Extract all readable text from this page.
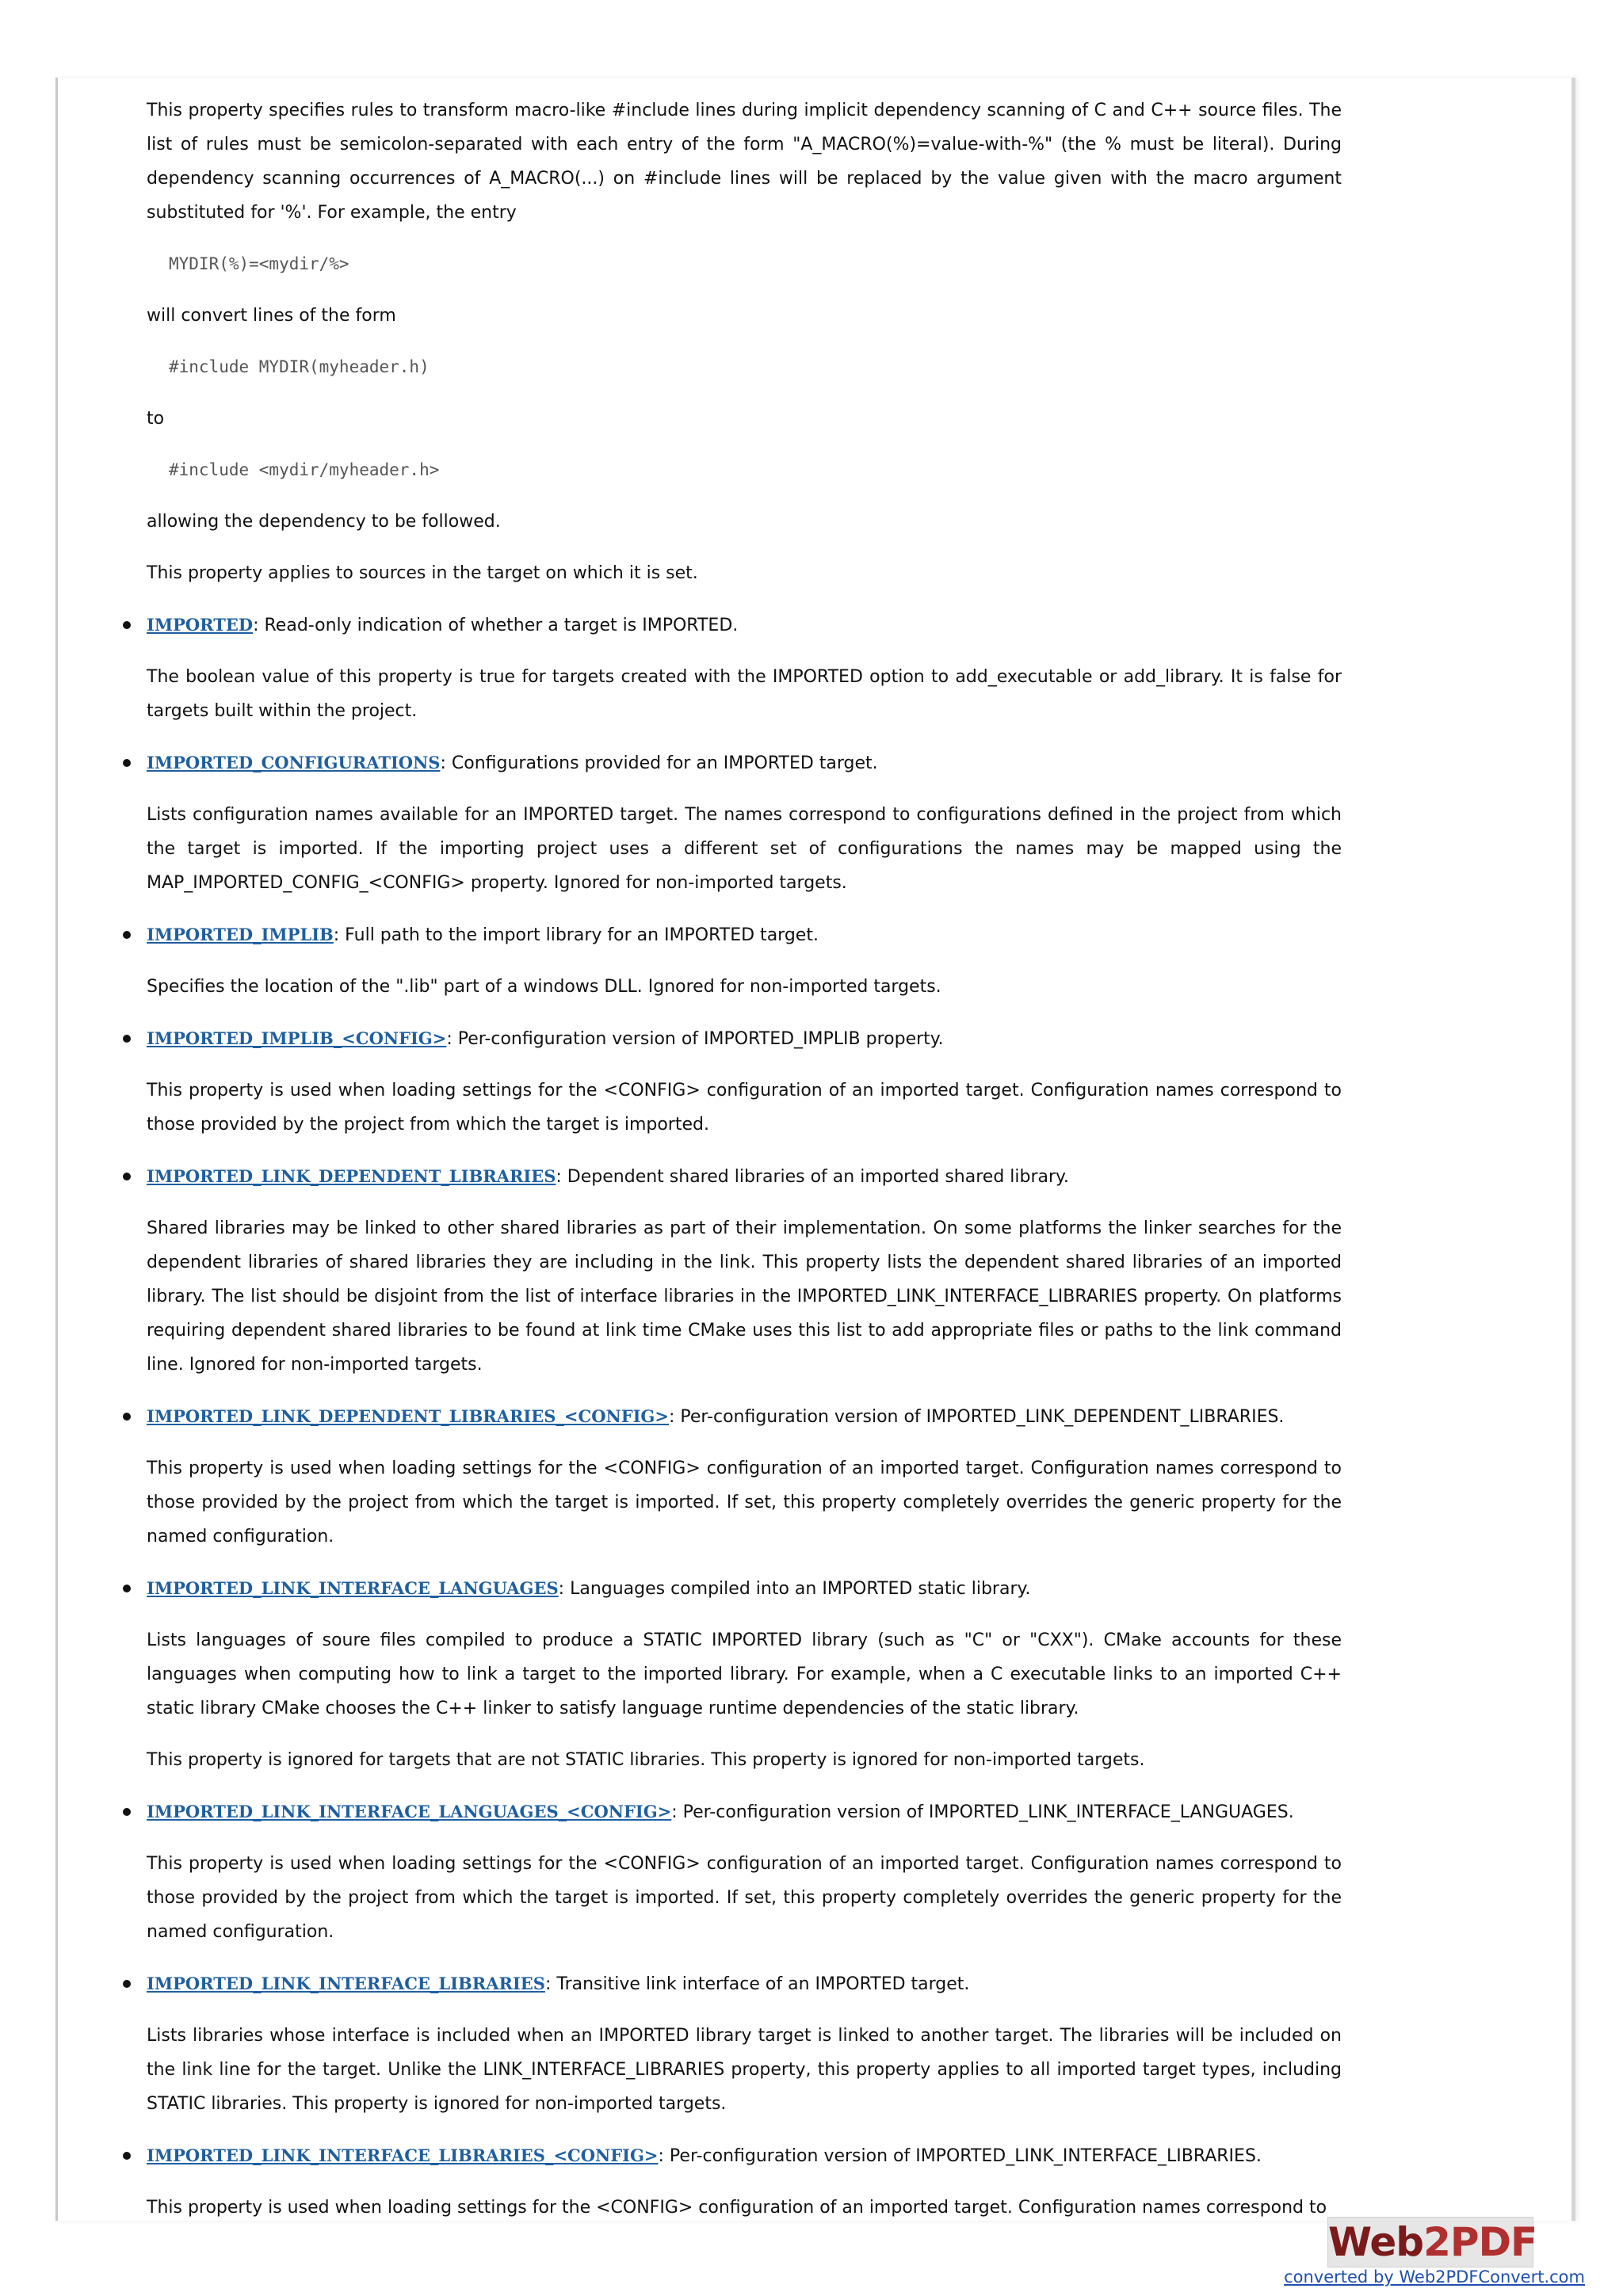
This property specifies rules to transform macro-like #include lines during implicit dependency scanning of C and C++ source files. The list of rules must be semicolon-separated with each entry of the form "A_MACRO(%)=value-with-%" (the % must be literal). During dependency scanning occurrences of A_MACRO(...) on #include lines will be replaced by the value given with the macro argument substituted for '%'. For example, the entry

MYDIR(%)=<mydir/%>

will convert lines of the form

#include MYDIR(myheader.h)

to

#include <mydir/myheader.h>

allowing the dependency to be followed.

This property applies to sources in the target on which it is set.

IMPORTED: Read-only indication of whether a target is IMPORTED.

The boolean value of this property is true for targets created with the IMPORTED option to add_executable or add_library. It is false for targets built within the project.

IMPORTED_CONFIGURATIONS: Configurations provided for an IMPORTED target.

Lists configuration names available for an IMPORTED target. The names correspond to configurations defined in the project from which the target is imported. If the importing project uses a different set of configurations the names may be mapped using the MAP_IMPORTED_CONFIG_<CONFIG> property. Ignored for non-imported targets.

IMPORTED_IMPLIB: Full path to the import library for an IMPORTED target.

Specifies the location of the ".lib" part of a windows DLL. Ignored for non-imported targets.

IMPORTED_IMPLIB_<CONFIG>: Per-configuration version of IMPORTED_IMPLIB property.

This property is used when loading settings for the <CONFIG> configuration of an imported target. Configuration names correspond to those provided by the project from which the target is imported.

IMPORTED_LINK_DEPENDENT_LIBRARIES: Dependent shared libraries of an imported shared library.

Shared libraries may be linked to other shared libraries as part of their implementation. On some platforms the linker searches for the dependent libraries of shared libraries they are including in the link. This property lists the dependent shared libraries of an imported library. The list should be disjoint from the list of interface libraries in the IMPORTED_LINK_INTERFACE_LIBRARIES property. On platforms requiring dependent shared libraries to be found at link time CMake uses this list to add appropriate files or paths to the link command line. Ignored for non-imported targets.

IMPORTED_LINK_DEPENDENT_LIBRARIES_<CONFIG>: Per-configuration version of IMPORTED_LINK_DEPENDENT_LIBRARIES.

This property is used when loading settings for the <CONFIG> configuration of an imported target. Configuration names correspond to those provided by the project from which the target is imported. If set, this property completely overrides the generic property for the named configuration.

IMPORTED_LINK_INTERFACE_LANGUAGES: Languages compiled into an IMPORTED static library.

Lists languages of soure files compiled to produce a STATIC IMPORTED library (such as "C" or "CXX"). CMake accounts for these languages when computing how to link a target to the imported library. For example, when a C executable links to an imported C++ static library CMake chooses the C++ linker to satisfy language runtime dependencies of the static library.

This property is ignored for targets that are not STATIC libraries. This property is ignored for non-imported targets.

IMPORTED_LINK_INTERFACE_LANGUAGES_<CONFIG>: Per-configuration version of IMPORTED_LINK_INTERFACE_LANGUAGES.

This property is used when loading settings for the <CONFIG> configuration of an imported target. Configuration names correspond to those provided by the project from which the target is imported. If set, this property completely overrides the generic property for the named configuration.

IMPORTED_LINK_INTERFACE_LIBRARIES: Transitive link interface of an IMPORTED target.

Lists libraries whose interface is included when an IMPORTED library target is linked to another target. The libraries will be included on the link line for the target. Unlike the LINK_INTERFACE_LIBRARIES property, this property applies to all imported target types, including STATIC libraries. This property is ignored for non-imported targets.

IMPORTED_LINK_INTERFACE_LIBRARIES_<CONFIG>: Per-configuration version of IMPORTED_LINK_INTERFACE_LIBRARIES.

This property is used when loading settings for the <CONFIG> configuration of an imported target. Configuration names correspond to

Web2PDF
converted by Web2PDFConvert.com
